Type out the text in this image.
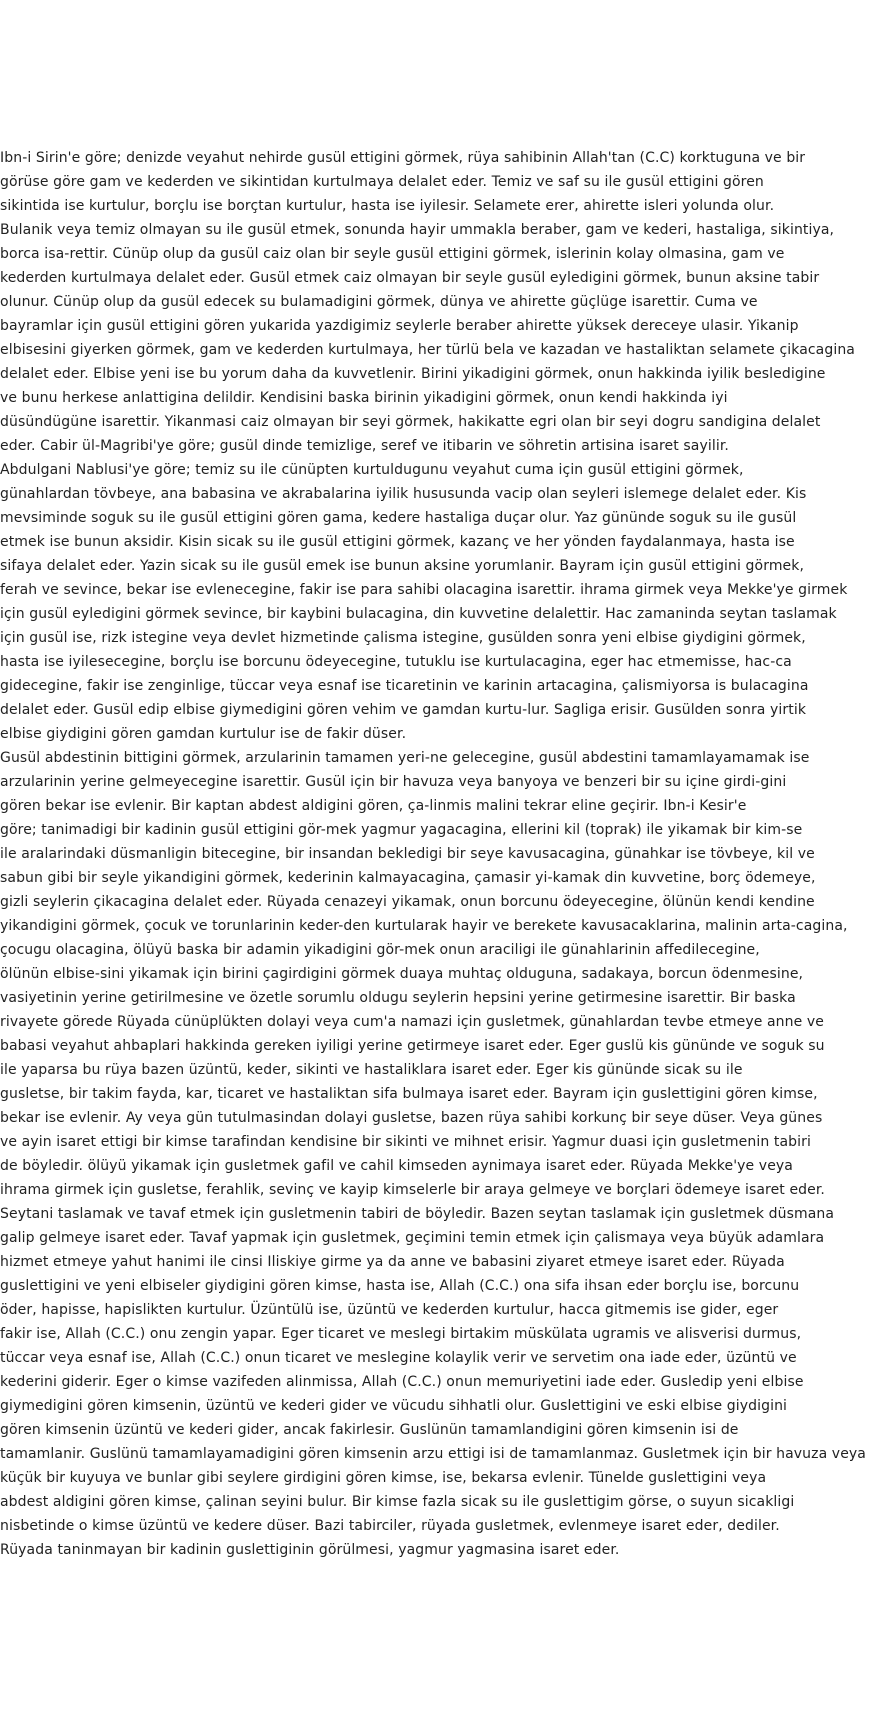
Ibn-i Sirin'e göre; denizde veyahut nehirde gusül ettigini görmek, rüya sahibinin Allah'tan (C.C) korktuguna ve bir
görüse göre gam ve kederden ve sikintidan kurtulmaya delalet eder. Temiz ve saf su ile gusül ettigini gören
sikintida ise kurtulur, borçlu ise borçtan kurtulur, hasta ise iyilesir. Selamete erer, ahirette isleri yolunda olur.
Bulanik veya temiz olmayan su ile gusül etmek, sonunda hayir ummakla beraber, gam ve kederi, hastaliga, sikintiya,
borca isa-rettir. Cünüp olup da gusül caiz olan bir seyle gusül ettigini görmek, islerinin kolay olmasina, gam ve
kederden kurtulmaya delalet eder. Gusül etmek caiz olmayan bir seyle gusül eyledigini görmek, bunun aksine tabir
olunur. Cünüp olup da gusül edecek su bulamadigini görmek, dünya ve ahirette güçlüge isarettir. Cuma ve
bayramlar için gusül ettigini gören yukarida yazdigimiz seylerle beraber ahirette yüksek dereceye ulasir. Yikanip
elbisesini giyerken görmek, gam ve kederden kurtulmaya, her türlü bela ve kazadan ve hastaliktan selamete çikacagina
delalet eder. Elbise yeni ise bu yorum daha da kuvvetlenir. Birini yikadigini görmek, onun hakkinda iyilik besledigine
ve bunu herkese anlattigina delildir. Kendisini baska birinin yikadigini görmek, onun kendi hakkinda iyi
düsündügüne isarettir. Yikanmasi caiz olmayan bir seyi görmek, hakikatte egri olan bir seyi dogru sandigina delalet
eder. Cabir ül-Magribi'ye göre; gusül dinde temizlige, seref ve itibarin ve söhretin artisina isaret sayilir.
Abdulgani Nablusi'ye göre; temiz su ile cünüpten kurtuldugunu veyahut cuma için gusül ettigini görmek,
günahlardan tövbeye, ana babasina ve akrabalarina iyilik hususunda vacip olan seyleri islemege delalet eder. Kis
mevsiminde soguk su ile gusül ettigini gören gama, kedere hastaliga duçar olur. Yaz gününde soguk su ile gusül
etmek ise bunun aksidir. Kisin sicak su ile gusül ettigini görmek, kazanç ve her yönden faydalanmaya, hasta ise
sifaya delalet eder. Yazin sicak su ile gusül emek ise bunun aksine yorumlanir. Bayram için gusül ettigini görmek,
ferah ve sevince, bekar ise evlenecegine, fakir ise para sahibi olacagina isarettir. ihrama girmek veya Mekke'ye girmek
için gusül eyledigini görmek sevince, bir kaybini bulacagina, din kuvvetine delalettir. Hac zamaninda seytan taslamak
için gusül ise, rizk istegine veya devlet hizmetinde çalisma istegine, gusülden sonra yeni elbise giydigini görmek,
hasta ise iyilesecegine, borçlu ise borcunu ödeyecegine, tutuklu ise kurtulacagina, eger hac etmemisse, hac-ca
gidecegine, fakir ise zenginlige, tüccar veya esnaf ise ticaretinin ve karinin artacagina, çalismiyorsa is bulacagina
delalet eder. Gusül edip elbise giymedigini gören vehim ve gamdan kurtu-lur. Sagliga erisir. Gusülden sonra yirtik
elbise giydigini gören gamdan kurtulur ise de fakir düser.
Gusül abdestinin bittigini görmek, arzularinin tamamen yeri-ne gelecegine, gusül abdestini tamamlayamamak ise
arzularinin yerine gelmeyecegine isarettir. Gusül için bir havuza veya banyoya ve benzeri bir su içine girdi-gini
gören bekar ise evlenir. Bir kaptan abdest aldigini gören, ça-linmis malini tekrar eline geçirir. Ibn-i Kesir'e
göre; tanimadigi bir kadinin gusül ettigini gör-mek yagmur yagacagina, ellerini kil (toprak) ile yikamak bir kim-se
ile aralarindaki düsmanligin bitecegine, bir insandan bekledigi bir seye kavusacagina, günahkar ise tövbeye, kil ve
sabun gibi bir seyle yikandigini görmek, kederinin kalmayacagina, çamasir yi-kamak din kuvvetine, borç ödemeye,
gizli seylerin çikacagina delalet eder. Rüyada cenazeyi yikamak, onun borcunu ödeyecegine, ölünün kendi kendine
yikandigini görmek, çocuk ve torunlarinin keder-den kurtularak hayir ve berekete kavusacaklarina, malinin arta-cagina,
çocugu olacagina, ölüyü baska bir adamin yikadigini gör-mek onun araciligi ile günahlarinin affedilecegine,
ölünün elbise-sini yikamak için birini çagirdigini görmek duaya muhtaç olduguna, sadakaya, borcun ödenmesine,
vasiyetinin yerine getirilmesine ve özetle sorumlu oldugu seylerin hepsini yerine getirmesine isarettir. Bir baska
rivayete görede Rüyada cünüplükten dolayi veya cum'a namazi için gusletmek, günahlardan tevbe etmeye anne ve
babasi veyahut ahbaplari hakkinda gereken iyiligi yerine getirmeye isaret eder. Eger guslü kis gününde ve soguk su
ile yaparsa bu rüya bazen üzüntü, keder, sikinti ve hastaliklara isaret eder. Eger kis gününde sicak su ile
gusletse, bir takim fayda, kar, ticaret ve hastaliktan sifa bulmaya isaret eder. Bayram için guslettigini gören kimse,
bekar ise evlenir. Ay veya gün tutulmasindan dolayi gusletse, bazen rüya sahibi korkunç bir seye düser. Veya günes
ve ayin isaret ettigi bir kimse tarafindan kendisine bir sikinti ve mihnet erisir. Yagmur duasi için gusletmenin tabiri
de böyledir. ölüyü yikamak için gusletmek gafil ve cahil kimseden aynimaya isaret eder. Rüyada Mekke'ye veya
ihrama girmek için gusletse, ferahlik, sevinç ve kayip kimselerle bir araya gelmeye ve borçlari ödemeye isaret eder.
Seytani taslamak ve tavaf etmek için gusletmenin tabiri de böyledir. Bazen seytan taslamak için gusletmek düsmana
galip gelmeye isaret eder. Tavaf yapmak için gusletmek, geçimini temin etmek için çalismaya veya büyük adamlara
hizmet etmeye yahut hanimi ile cinsi Iliskiye girme ya da anne ve babasini ziyaret etmeye isaret eder. Rüyada
guslettigini ve yeni elbiseler giydigini gören kimse, hasta ise, Allah (C.C.) ona sifa ihsan eder borçlu ise, borcunu
öder, hapisse, hapislikten kurtulur. Üzüntülü ise, üzüntü ve kederden kurtulur, hacca gitmemis ise gider, eger
fakir ise, Allah (C.C.) onu zengin yapar. Eger ticaret ve meslegi birtakim müskülata ugramis ve alisverisi durmus,
tüccar veya esnaf ise, Allah (C.C.) onun ticaret ve meslegine kolaylik verir ve servetim ona iade eder, üzüntü ve
kederini giderir. Eger o kimse vazifeden alinmissa, Allah (C.C.) onun memuriyetini iade eder. Gusledip yeni elbise
giymedigini gören kimsenin, üzüntü ve kederi gider ve vücudu sihhatli olur. Guslettigini ve eski elbise giydigini
gören kimsenin üzüntü ve kederi gider, ancak fakirlesir. Guslünün tamamlandigini gören kimsenin isi de
tamamlanir. Guslünü tamamlayamadigini gören kimsenin arzu ettigi isi de tamamlanmaz. Gusletmek için bir havuza veya
küçük bir kuyuya ve bunlar gibi seylere girdigini gören kimse, ise, bekarsa evlenir. Tünelde guslettigini veya
abdest aldigini gören kimse, çalinan seyini bulur. Bir kimse fazla sicak su ile guslettigim görse, o suyun sicakligi
nisbetinde o kimse üzüntü ve kedere düser. Bazi tabirciler, rüyada gusletmek, evlenmeye isaret eder, dediler.
Rüyada taninmayan bir kadinin guslettiginin görülmesi, yagmur yagmasina isaret eder.
